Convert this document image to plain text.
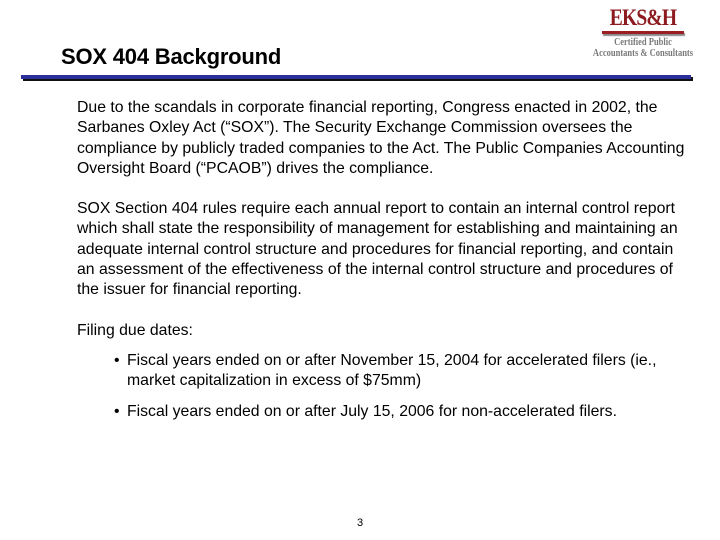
SOX 404 Background
EKS&H
Certified Public
Accountants & Consultants

Due to the scandals in corporate financial reporting, Congress enacted in 2002, the Sarbanes Oxley Act (“SOX”). The Security Exchange Commission oversees the compliance by publicly traded companies to the Act. The Public Companies Accounting Oversight Board (“PCAOB”) drives the compliance.

SOX Section 404 rules require each annual report to contain an internal control report which shall state the responsibility of management for establishing and maintaining an adequate internal control structure and procedures for financial reporting, and contain an assessment of the effectiveness of the internal control structure and procedures of the issuer for financial reporting.

Filing due dates:

• Fiscal years ended on or after November 15, 2004 for accelerated filers (ie., market capitalization in excess of $75mm)
• Fiscal years ended on or after July 15, 2006 for non-accelerated filers.
3
